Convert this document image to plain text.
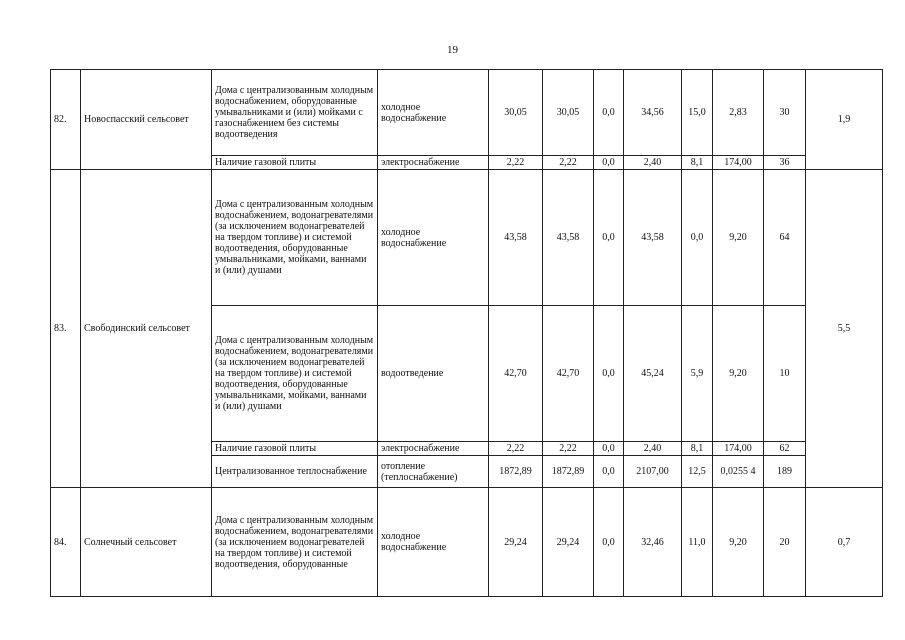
19
82.	Новоспасский сельсовет	Дома с централизованным холодным водоснабжением, оборудованные умывальниками и (или) мойками с газоснабжением без системы водоотведения	холодное водоснабжение	30,05	30,05	0,0	34,56	15,0	2,83	30	1,9
		Наличие газовой плиты	электроснабжение	2,22	2,22	0,0	2,40	8,1	174,00	36	
83.	Свободинский сельсовет	Дома с централизованным холодным водоснабжением, водонагревателями (за исключением водонагревателей на твердом топливе) и системой водоотведения, оборудованные умывальниками, мойками, ваннами и (или) душами	холодное водоснабжение	43,58	43,58	0,0	43,58	0,0	9,20	64	5,5
		Дома с централизованным холодным водоснабжением, водонагревателями (за исключением водонагревателей на твердом топливе) и системой водоотведения, оборудованные умывальниками, мойками, ваннами и (или) душами	водоотведение	42,70	42,70	0,0	45,24	5,9	9,20	10	
		Наличие газовой плиты	электроснабжение	2,22	2,22	0,0	2,40	8,1	174,00	62	
		Централизованное теплоснабжение	отопление (теплоснабжение)	1872,89	1872,89	0,0	2107,00	12,5	0,0255 4	189	
84.	Солнечный сельсовет	Дома с централизованным холодным водоснабжением, водонагревателями (за исключением водонагревателей на твердом топливе) и системой водоотведения, оборудованные	холодное водоснабжение	29,24	29,24	0,0	32,46	11,0	9,20	20	0,7
